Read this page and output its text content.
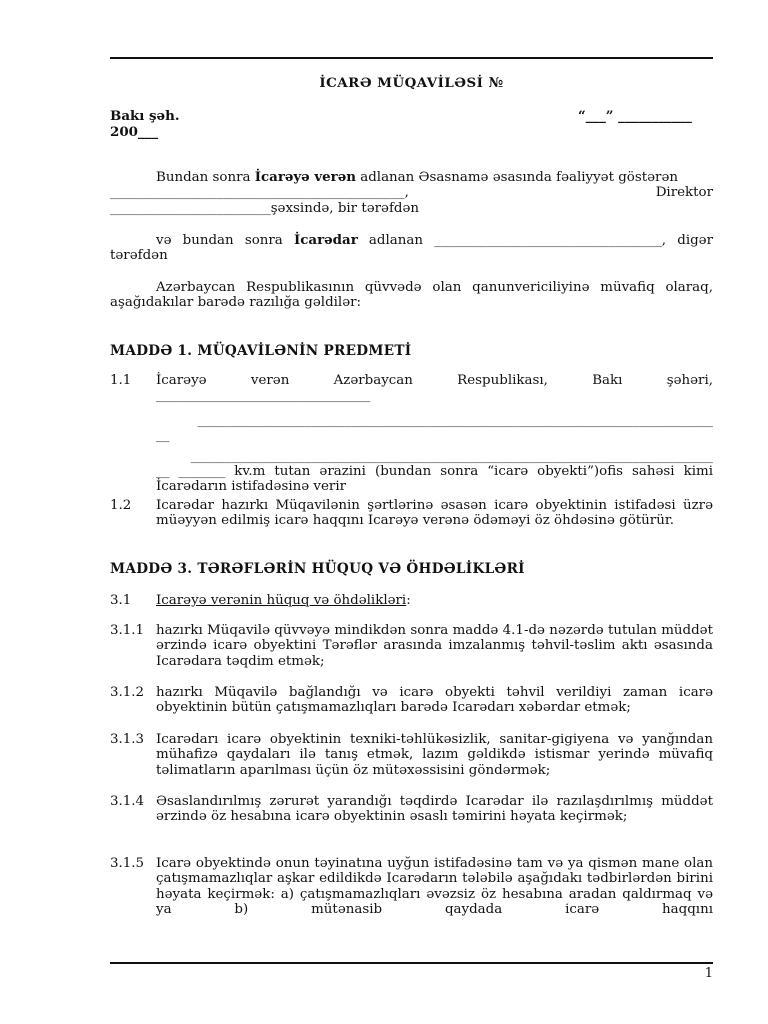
İCARƏ MÜQAVİLƏSİ №
Bakı şəh.	“___” ___________
200___
Bundan sonra İcarəyə verən adlanan Əsasnamə əsasında fəaliyyət göstərən
____________________________________________,	Direktor
________________________şəxsində, bir tərəfdən
və bundan sonra İcarədar adlanan __________________________________, digər
tərəfdən
Azərbaycan Respublikasının qüvvədə olan qanunvericiliyinə müvafiq olaraq, aşağıdakılar barədə razılığa gəldilər:
MADDƏ 1. MÜQAVİLƏNİN PREDMETİ
1.1	İcarəyə verən Azərbaycan Respublikası, Bakı şəhəri,
________________________________
_____________________________________________________________________________
__
______________________________________________________________________________
__ _______ kv.m tutan ərazini (bundan sonra “icarə obyekti”)ofis sahəsi kimi
İcarədarın istifadəsinə verir
1.2	Icarədar hazırkı Müqavilənin şərtlərinə əsasən icarə obyektinin istifadəsi üzrə müəyyən edilmiş icarə haqqını Icarəyə verənə ödəməyi öz öhdəsinə götürür.
MADDƏ 3. TƏRƏFLƏRİN HÜQUQ VƏ ÖHDƏLİKLƏRİ
3.1	Icarəyə verənin hüquq və öhdəlikləri:
3.1.1 hazırkı Müqavilə qüvvəyə mindikdən sonra maddə 4.1-də nəzərdə tutulan müddət ərzində icarə obyektini Tərəflər arasında imzalanmış təhvil-təslim aktı əsasında Icarədara təqdim etmək;
3.1.2 hazırkı Müqavilə bağlandığı və icarə obyekti təhvil verildiyi zaman icarə obyektinin bütün çatışmamazlıqları barədə Icarədarı xəbərdar etmək;
3.1.3 Icarədarı icarə obyektinin texniki-təhlükəsizlik, sanitar-gigiyena və yanğından mühafizə qaydaları ilə tanış etmək, lazım gəldikdə istismar yerində müvafiq təlimatların aparılması üçün öz mütəxəssisini göndərmək;
3.1.4 Əsaslandırılmış zərurət yarandığı təqdirdə Icarədar ilə razılaşdırılmış müddət ərzində öz hesabına icarə obyektinin əsaslı təmirini həyata keçirmək;
3.1.5 Icarə obyektində onun təyinatına uyğun istifadəsinə tam və ya qismən mane olan çatışmamazlıqlar aşkar edildikdə Icarədarın tələbilə aşağıdakı tədbirlərdən birini həyata keçirmək: a) çatışmamazlıqları əvəzsiz öz hesabına aradan qaldırmaq və ya b) mütənasib qaydada icarə haqqını
1
